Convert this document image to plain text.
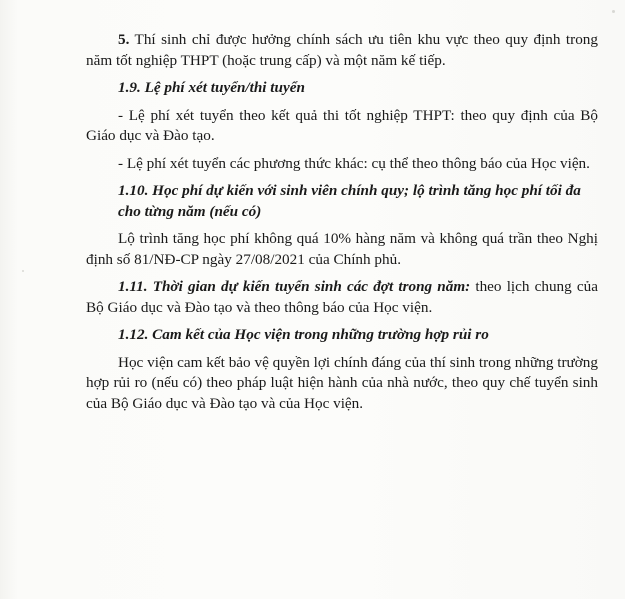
5. Thí sinh chỉ được hưởng chính sách ưu tiên khu vực theo quy định trong năm tốt nghiệp THPT (hoặc trung cấp) và một năm kế tiếp.

1.9. Lệ phí xét tuyển/thi tuyển

- Lệ phí xét tuyển theo kết quả thi tốt nghiệp THPT: theo quy định của Bộ Giáo dục và Đào tạo.

- Lệ phí xét tuyển các phương thức khác: cụ thể theo thông báo của Học viện.

1.10. Học phí dự kiến với sinh viên chính quy; lộ trình tăng học phí tối đa cho từng năm (nếu có)

Lộ trình tăng học phí không quá 10% hàng năm và không quá trần theo Nghị định số 81/NĐ-CP ngày 27/08/2021 của Chính phủ.

1.11. Thời gian dự kiến tuyển sinh các đợt trong năm: theo lịch chung của Bộ Giáo dục và Đào tạo và theo thông báo của Học viện.

1.12. Cam kết của Học viện trong những trường hợp rủi ro

Học viện cam kết bảo vệ quyền lợi chính đáng của thí sinh trong những trường hợp rủi ro (nếu có) theo pháp luật hiện hành của nhà nước, theo quy chế tuyển sinh của Bộ Giáo dục và Đào tạo và của Học viện.
